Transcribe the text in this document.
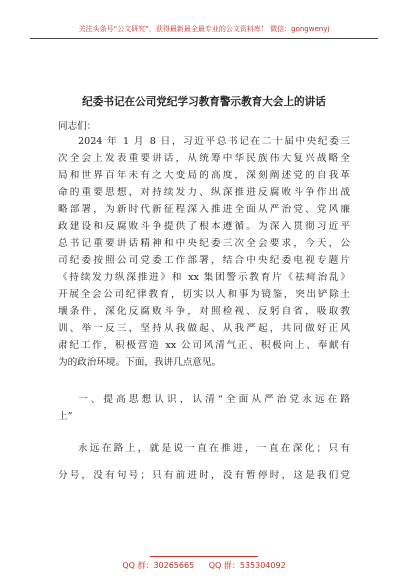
关注头条号“公文研究”，获得最新最全最专业的公文资料库！ 微信：gongwenyj
纪委书记在公司党纪学习教育警示教育大会上的讲话
同志们：
2024 年 1 月 8 日，习近平总书记在二十届中央纪委三
次全会上发表重要讲话，从统筹中华民族伟大复兴战略全
局和世界百年未有之大变局的高度，深刻阐述党的自我革
命的重要思想，对持续发力、纵深推进反腐败斗争作出战
略部署，为新时代新征程深入推进全面从严治党、党风廉
政建设和反腐败斗争提供了根本遵循。为深入贯彻习近平
总书记重要讲话精神和中央纪委三次全会要求，今天，公
司纪委按照公司党委工作部署，结合中央纪委电视专题片
《持续发力纵深推进》和 xx 集团警示教育片《祛疴治乱》
开展全会公司纪律教育，切实以人和事为镜鉴，突出铲除土
壤条件，深化反腐败斗争，对照检视、反躬自省，吸取教
训、举一反三，坚持从我做起、从我严起，共同做好正风
肃纪工作，积极营造 xx 公司风清气正、积极向上、奉献有
为的政治环境。下面，我讲几点意见。
一、提高思想认识，认清“全面从严治党永远在路
上”
永远在路上，就是说一直在推进，一直在深化；只有
分号，没有句号；只有前进时，没有暂停时，这是我们党
QQ 群：30265665 QQ 群：535304092
